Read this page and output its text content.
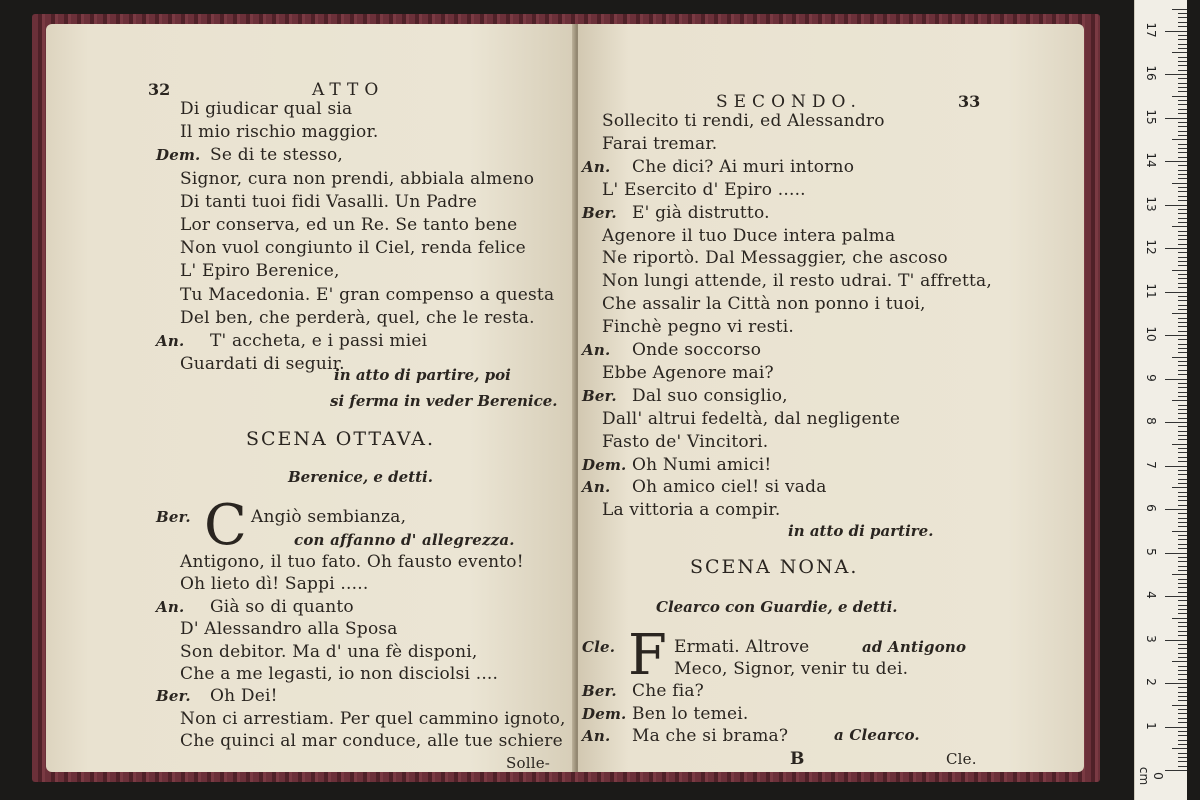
32	ATTO
Di giudicar qual sia
Il mio rischio maggior.
Dem. Se di te stesso,
Signor, cura non prendi, abbiala almeno
Di tanti tuoi fidi Vasalli. Un Padre
Lor conserva, ed un Re. Se tanto bene
Non vuol congiunto il Ciel, renda felice
L' Epiro Berenice,
Tu Macedonia. E' gran compenso a questa
Del ben, che perderà, quel, che le resta.
An. T' accheta, e i passi miei
Guardati di seguir.
in atto di partire, poi
si ferma in veder Berenice.
SCENA OTTAVA.
Berenice, e detti.
Ber. C Angiò sembianza,
con affanno d' allegrezza.
Antigono, il tuo fato. Oh fausto evento!
Oh lieto dì! Sappi .....
An. Già so di quanto
D' Alessandro alla Sposa
Son debitor. Ma d' una fè disponi,
Che a me legasti, io non disciolsi ....
Ber. Oh Dei!
Non ci arrestiam. Per quel cammino ignoto,
Che quinci al mar conduce, alle tue schiere
Solle-
SECONDO.	33
Sollecito ti rendi, ed Alessandro
Farai tremar.
An. Che dici? Ai muri intorno
L' Esercito d' Epiro .....
Ber. E' già distrutto.
Agenore il tuo Duce intera palma
Ne riportò. Dal Messaggier, che ascoso
Non lungi attende, il resto udrai. T' affretta,
Che assalir la Città non ponno i tuoi,
Finchè pegno vi resti.
An. Onde soccorso
Ebbe Agenore mai?
Ber. Dal suo consiglio,
Dall' altrui fedeltà, dal negligente
Fasto de' Vincitori.
Dem. Oh Numi amici!
An. Oh amico ciel! si vada
La vittoria a compir.
in atto di partire.
SCENA NONA.
Clearco con Guardie, e detti.
Cle. F Ermati. Altrove	ad Antigono
Meco, Signor, venir tu dei.
Ber. Che fia?
Dem. Ben lo temei.
An. Ma che si brama?	a Clearco.
B	Cle.
0 cm
1
2
3
4
5
6
7
8
9
10
11
12
13
14
15
16
17
